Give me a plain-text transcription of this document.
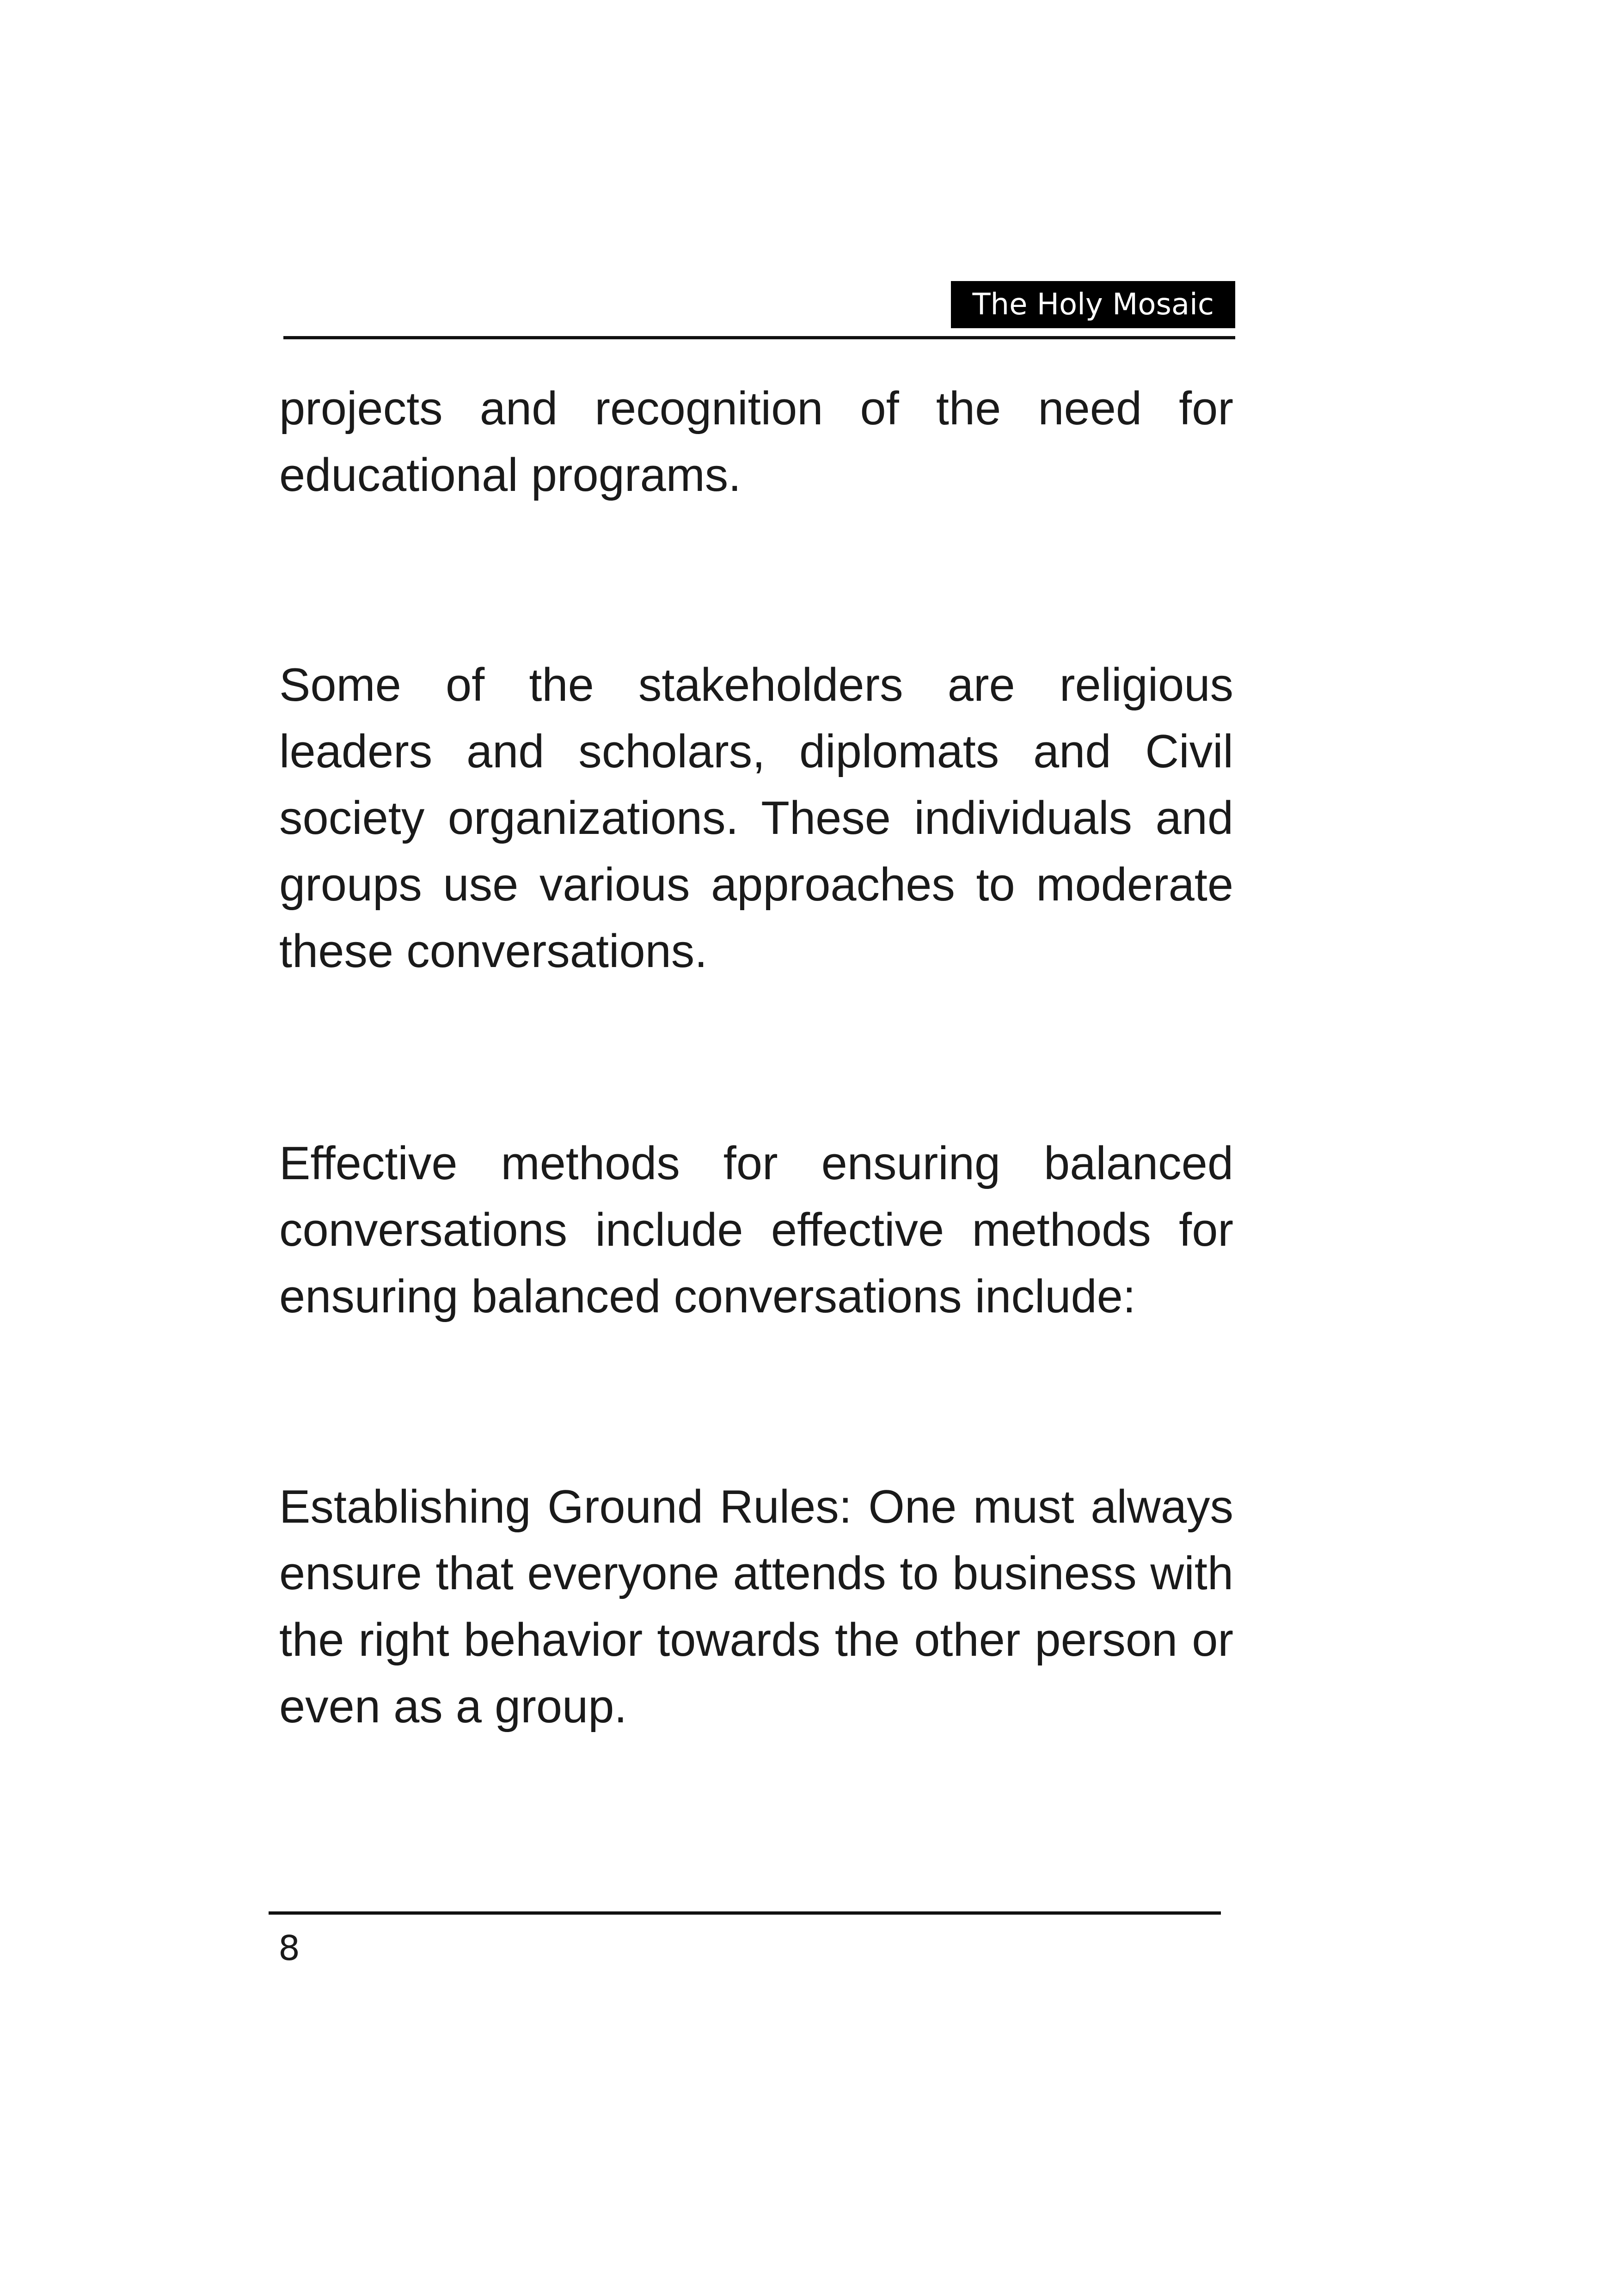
The Holy Mosaic

projects and recognition of the need for educational programs.

Some of the stakeholders are religious leaders and scholars, diplomats and Civil society organizations. These individuals and groups use various approaches to moderate these conversations.

Effective methods for ensuring balanced conversations include effective methods for ensuring balanced conversations include:

Establishing Ground Rules: One must always ensure that everyone attends to business with the right behavior towards the other person or even as a group.

8
